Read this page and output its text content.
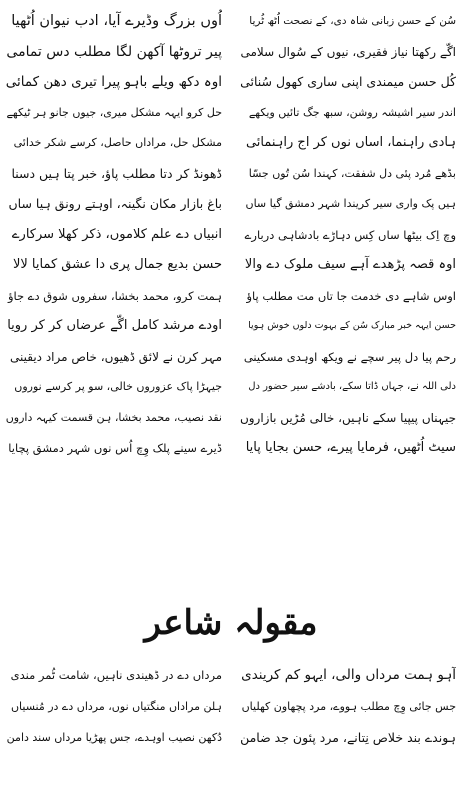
سُن کے حسن زبانی شاہ دی، کے نصحت اُٹھ ٹُریا
اگّے رکھتا نیاز فقیری، نیوں کے سُوال سلامی
کُل حسن میمندی اپنی ساری کھول سُنائی
اندر سیر اشیشہ روشن، سبھ جگ تائیں ویکھے
ہادی راہنما، اساں نوں کر اج راہنمائی
بڈھے مُرد پئی دل شفقت، کہندا سُن تُوں جسّا
ہیں پک واری سیر کریندا شہر دمشق گیا ساں
وچ اِک بیٹھا ساں کِس دہاڑے بادشاہی دربارے
اوہ قصہ پڑھدے آہے سیف ملوک دے والا
اوس شاہے دی خدمت جا تاں مت مطلب پاؤ
حسن ایہہ خبر مبارک سُن کے بہوت دلوں خوش ہویا
رحم پیا دل پیر سچے نے ویکھ اوہدی مسکینی
دلی اللہ نے، جہاں ڈاتا سکے، بادشے سیر حضور دل
جیہناں پیپیا سکے ناہیں، خالی مُڑیں بازاروں
سیٹ اُٹھیں، فرمایا پیرے، حسن بجایا پایا
اُوں بزرگ وڈیرے آیا، ادب نیوان اُٹھیا
پیر تروٹھا آکھن لگا مطلب دس تمامی
اوہ دکھ ویلے باہو پیرا تیری دھن کمائی
حل کرو ایہہ مشکل میری، جیوں جانو ہر ٹیکھے
مشکل حل، مراداں حاصل، کرسے شکر خدائی
ڈھونڈ کر دتا مطلب پاؤ، خبر پتا ہیں دسنا
باغ بازار مکان نگینہ، اوہتے رونق ہیا ساں
انبیاں دے علم کلاموں، ذکر کھلا سرکارے
حسن بدیع جمال پری دا عشق کمایا لالا
ہمت کرو، محمد بخشا، سفروں شوق دے جاؤ
اودے مرشد کامل اگّے عرضاں کر کر رویا
مہر کرن نے لائق ڈھیوں، خاص مراد دیقینی
جیہڑا پاک عزوروں خالی، سو پر کرسے نوروں
نقد نصیب، محمد بخشا، ہن قسمت کیہہ داروں
ڈیرے سینے پلک وِچ اُس نوں شہر دمشق پچایا
مقولہ شاعر
آہو ہمت مرداں والی، ایہو کم کریندی
جس جائی وِچ مطلب ہووے، مرد پچھاون کھلیاں
ہوندے بند خلاص نِتانے، مرد پئون جد ضامن
مرداں دے در ڈھیندی ناہیں، شامت ٹُمر مندی
ہلن مراداں منگتیاں نوں، مرداں دے در مُنسیاں
دُکھن نصیب اوہدے، جس پھڑیا مرداں سند دامن
